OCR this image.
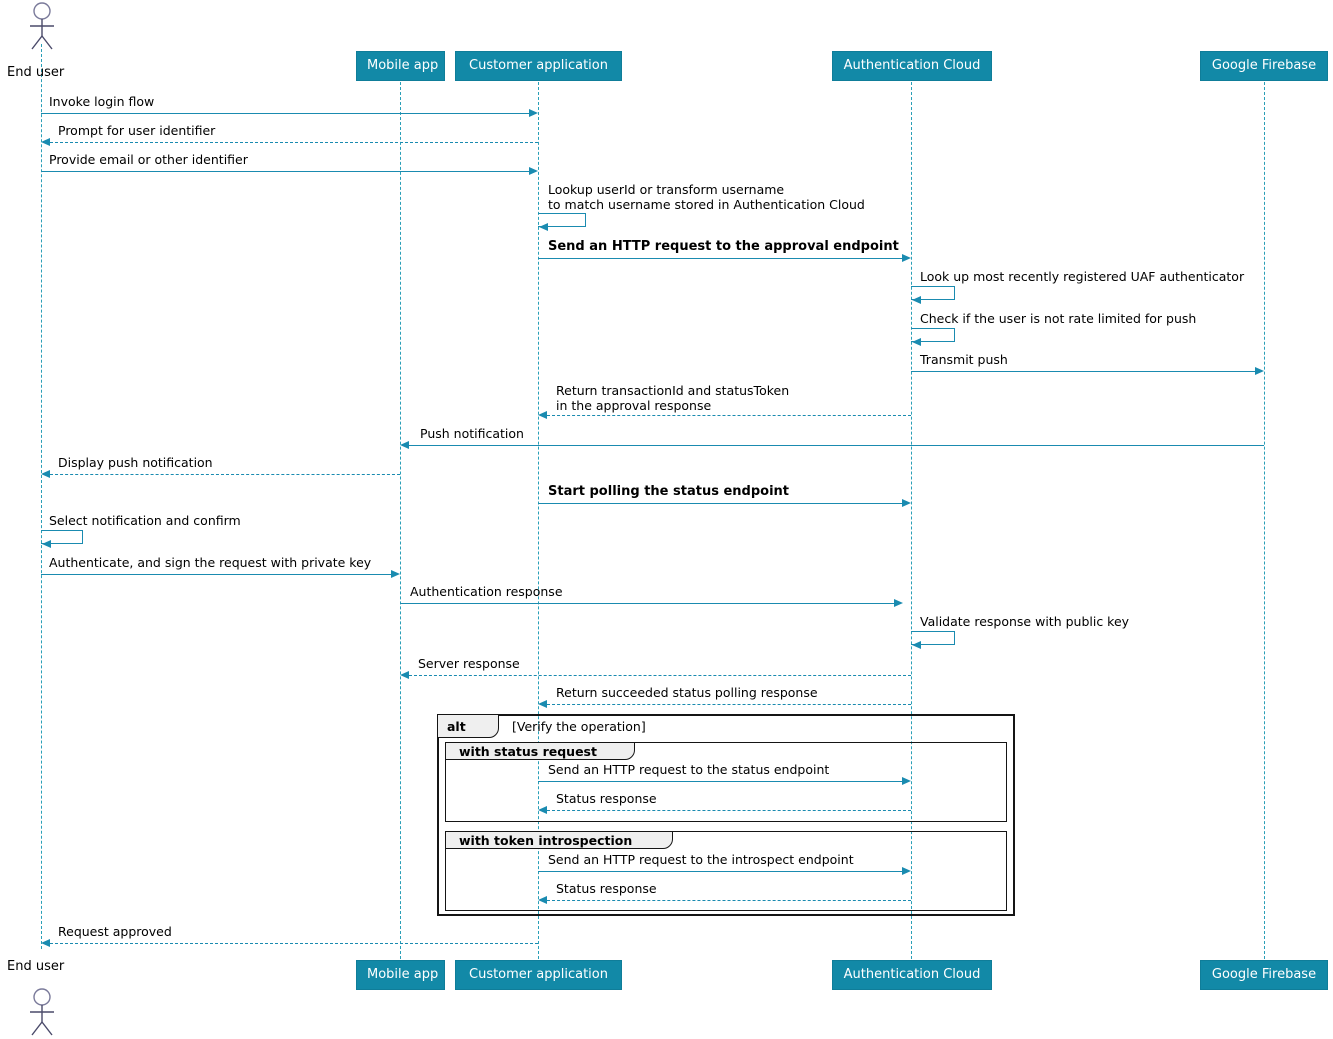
End user
End user
Mobile app	Customer application	Authentication Cloud	Google Firebase
Mobile app	Customer application	Authentication Cloud	Google Firebase
Invoke login flow
Prompt for user identifier
Provide email or other identifier
Lookup userId or transform username
to match username stored in Authentication Cloud
Send an HTTP request to the approval endpoint
Look up most recently registered UAF authenticator
Check if the user is not rate limited for push
Transmit push
Return transactionId and statusToken
in the approval response
Push notification
Display push notification
Start polling the status endpoint
Select notification and confirm
Authenticate, and sign the request with private key
Authentication response
Validate response with public key
Server response
Return succeeded status polling response
alt	[Verify the operation]
with status request
Send an HTTP request to the status endpoint
Status response
with token introspection
Send an HTTP request to the introspect endpoint
Status response
Request approved
